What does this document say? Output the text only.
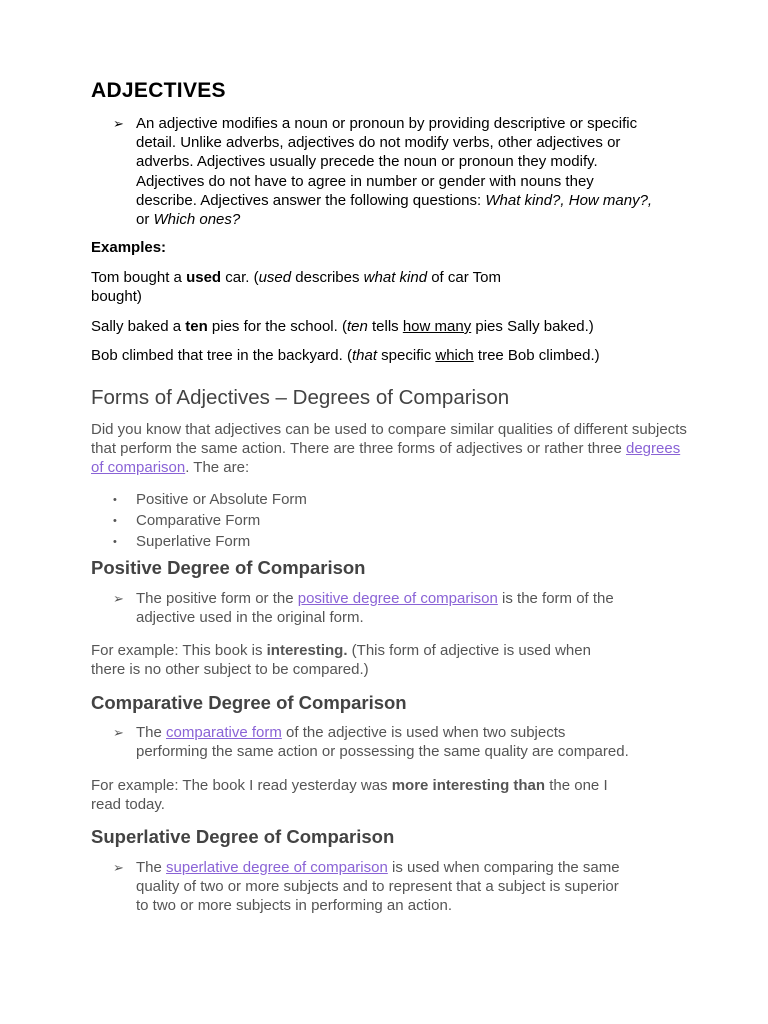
ADJECTIVES
➢ An adjective modifies a noun or pronoun by providing descriptive or specific detail. Unlike adverbs, adjectives do not modify verbs, other adjectives or adverbs. Adjectives usually precede the noun or pronoun they modify. Adjectives do not have to agree in number or gender with nouns they describe. Adjectives answer the following questions: What kind?, How many?, or Which ones?

Examples:

Tom bought a used car. (used describes what kind of car Tom
bought)

Sally baked a ten pies for the school. (ten tells how many pies Sally baked.)

Bob climbed that tree in the backyard. (that specific which tree Bob climbed.)

Forms of Adjectives – Degrees of Comparison

Did you know that adjectives can be used to compare similar qualities of different subjects that perform the same action. There are three forms of adjectives or rather three degrees of comparison. The are:

• Positive or Absolute Form
• Comparative Form
• Superlative Form
Positive Degree of Comparison
➢ The positive form or the positive degree of comparison is the form of the
adjective used in the original form.

For example: This book is interesting. (This form of adjective is used when
there is no other subject to be compared.)

Comparative Degree of Comparison
➢ The comparative form of the adjective is used when two subjects
performing the same action or possessing the same quality are compared.

For example: The book I read yesterday was more interesting than the one I
read today.

Superlative Degree of Comparison
➢ The superlative degree of comparison is used when comparing the same
quality of two or more subjects and to represent that a subject is superior
to two or more subjects in performing an action.
